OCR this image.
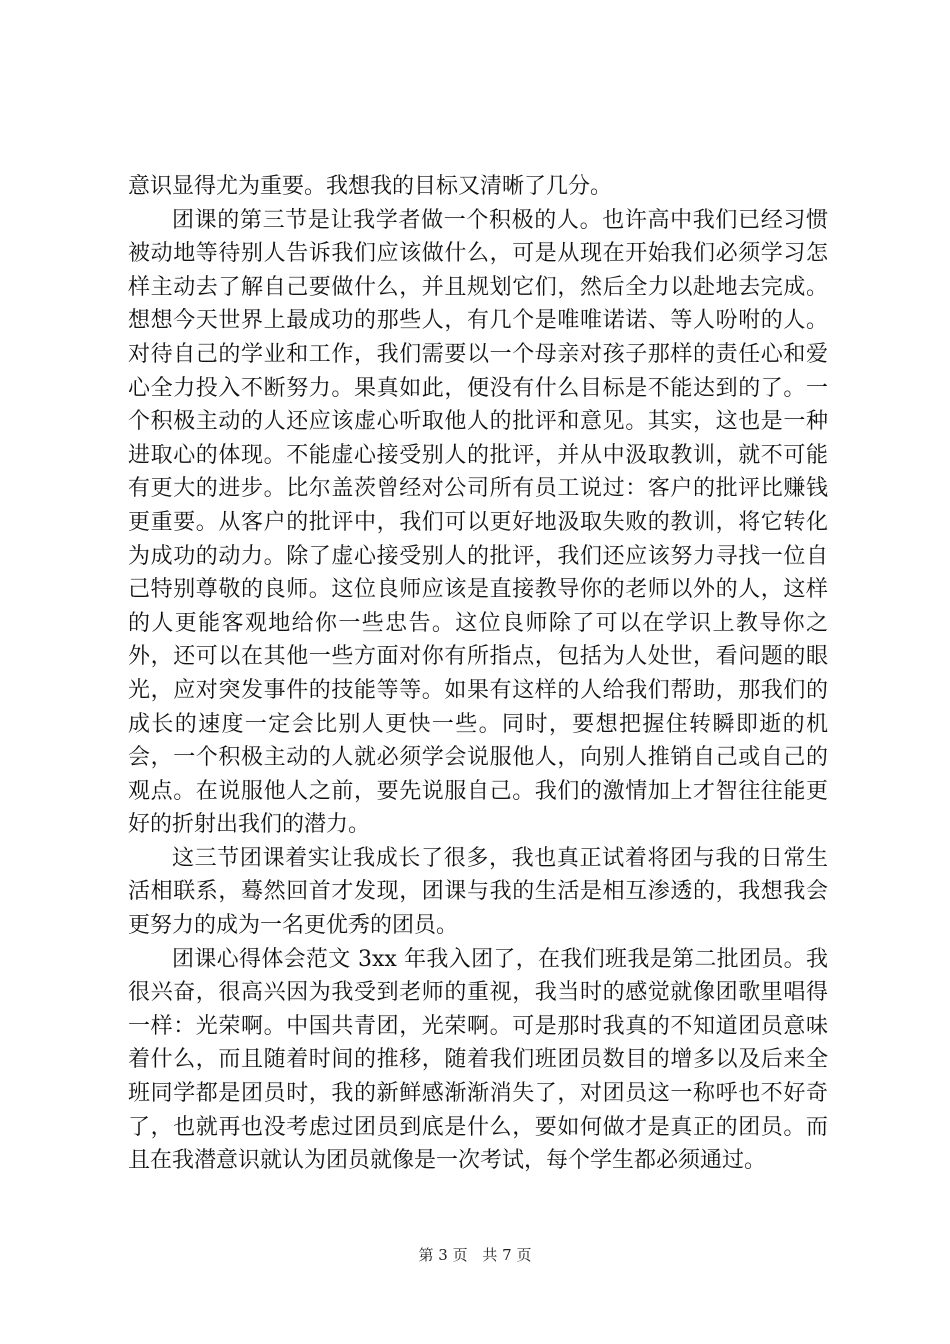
意识显得尤为重要。我想我的目标又清晰了几分。

团课的第三节是让我学者做一个积极的人。也许高中我们已经习惯被动地等待别人告诉我们应该做什么，可是从现在开始我们必须学习怎样主动去了解自己要做什么，并且规划它们，然后全力以赴地去完成。想想今天世界上最成功的那些人，有几个是唯唯诺诺、等人吩咐的人。对待自己的学业和工作，我们需要以一个母亲对孩子那样的责任心和爱心全力投入不断努力。果真如此，便没有什么目标是不能达到的了。一个积极主动的人还应该虚心听取他人的批评和意见。其实，这也是一种进取心的体现。不能虚心接受别人的批评，并从中汲取教训，就不可能有更大的进步。比尔盖茨曾经对公司所有员工说过：客户的批评比赚钱更重要。从客户的批评中，我们可以更好地汲取失败的教训，将它转化为成功的动力。除了虚心接受别人的批评，我们还应该努力寻找一位自己特别尊敬的良师。这位良师应该是直接教导你的老师以外的人，这样的人更能客观地给你一些忠告。这位良师除了可以在学识上教导你之外，还可以在其他一些方面对你有所指点，包括为人处世，看问题的眼光，应对突发事件的技能等等。如果有这样的人给我们帮助，那我们的成长的速度一定会比别人更快一些。同时，要想把握住转瞬即逝的机会，一个积极主动的人就必须学会说服他人，向别人推销自己或自己的观点。在说服他人之前，要先说服自己。我们的激情加上才智往往能更好的折射出我们的潜力。

这三节团课着实让我成长了很多，我也真正试着将团与我的日常生活相联系，蓦然回首才发现，团课与我的生活是相互渗透的，我想我会更努力的成为一名更优秀的团员。

团课心得体会范文 3xx 年我入团了，在我们班我是第二批团员。我很兴奋，很高兴因为我受到老师的重视，我当时的感觉就像团歌里唱得一样：光荣啊。中国共青团，光荣啊。可是那时我真的不知道团员意味着什么，而且随着时间的推移，随着我们班团员数目的增多以及后来全班同学都是团员时，我的新鲜感渐渐消失了，对团员这一称呼也不好奇了，也就再也没考虑过团员到底是什么，要如何做才是真正的团员。而且在我潜意识就认为团员就像是一次考试，每个学生都必须通过。

第 3 页 共 7 页
